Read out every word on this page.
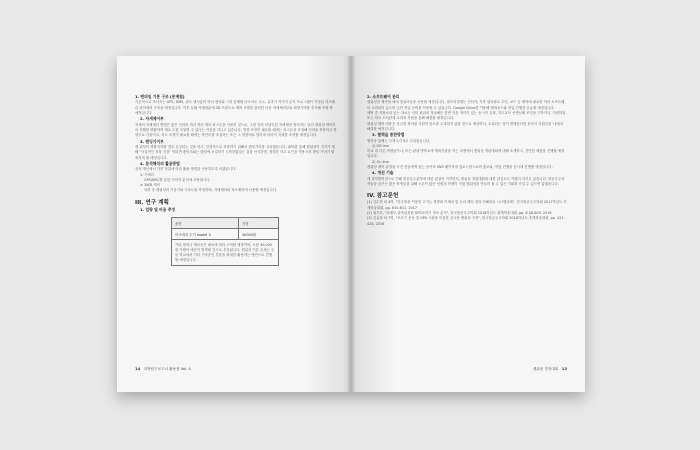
1. 캔의임 기본 구조 [문제점]
기존적으로 조사지는 GPS, DMS, 관도 센서값의 여러 센서와 그를 통제할 마오서도 우노, 유추가 이미지 분석 프로그램이 직정된 라즈베리 파이에서 구성을 예정입니다. 이후 분배 이멤버분에 3D 프린트로 제작 모델을 출력한 다음 자세제어부와 팬장가비를 추가해 조립 할 예정입니다.
2. 자세제어부
자세의 자세제어 방법은 많은 인력의 면과 여러 개의 파스튼을 사용한 것으로, 그런 인력 터널인된 자세제어 방식과는 달리 캔위성 바닥부의 컨테를 변환하여 새로 도한 모듈별 수 있다는 이점을 지니고 있습니다. 방향 조정이 필요할 때에는 파스튼을 조절해 인력을 작용하고 방향으로 기울이고, 육도 조정이 필요할 때에는 하단부를 조절하는 또는 그 방향대로 밀어내 어마이 자세를 조정할 예정입니다.
3. 랜딩기어부
캔 위성이 명확지하할 경우 손상되는 것을 막고, 안정적으로 착륙하기 위해서 랜딩기어를 설치했습니다. GPS를 통해 캔위성이 지지가 행해 "사실적인 착륙 지점" 이되면 랜딩의와는 랜딩에 보일러기 시작하였다는 것을 인식하면, 정착한 사고 요인을 적용시켜 랜딩 기어가 펼쳐지게 될 예정입니다.
4. 분석해석의 활용방법
전처 재난에서 각종 정위에 따라 활용 방법을 사용하도록 마겠습니다.
① 가계의
GPS/IMC/를 통한 이미지 분석에 사용합니다.
② 3WD 캐처
낙하 중 캔위성의 기울기와 기조도를 측정하며, 자세제어와 착도제어에 사용할 예정입니다.
III. 연구 계획
1. 업량 및 비용 추정
품종	가격
아크에서 무이 model 3	30000원
기타 장비나 재료들은 필요에 따라 구비할 예정이며, 오합 30,000원 가량의 예산이 발생될 것으로 추산됩니다. 캔위성 기본 본체는 주문 학교에서 이미 구비중인 부품을 최대한 활용하는 방안으로 진행할 예정입니다.	
14 과학탐구보고서 활용집 Vol. 4
2. 소프트웨어 관리
캔위성을 제작할 때에 컴퓨터들을 사용할 예정입니다. 첨프의설계는 인터가, 각종 편의화로 무엇, 코드 등 제작에 필요한 여러 소프트웨어 고려되어 있으며 일단 작업 준비를 이용할 수 있습니다. Google Drive를 이용해 제작코드와 작업 진행을 공유할 예정입니다.
체팅 중 저장소의 있는 자료는 이미 판위성 정상해둔 한번 지을 정리이 있는 동시이 유형, 지도교사 선생님께 조언을 구하거나, 인원하일 또는 학교 도서관에 교과서 자원을 통해 해결할 예정입니다.
캔위성 제작 비용은 상금한 장처럼 지원이 한도를 초과하지 않을 것으로 예상하나, 초과되는 일이 발생한다면 동아리 지원금을 '내에서 해결할 예정입니다.
3. 협력을 통한방법
협력을 통해는 크게 2가지로 나뉘었습니다.
1) Off-line
학교 내 다른 학생들이나, 또는 관내 명학교에 재외기관을 하는 과정에서 캔위성 경판대회에 대해 소개하고, 간단한 체험을 진행할 예정입니다.
2) On-line
캔위성 제작 과정을 사진 칸들에게 있는 동아리 SNS 페이지에 업로드함으로써 홍보와, 작업 진행을 동시에 진행할 예정입니다.
4. 개선 기술
에 과학발명점으로 인해 항공우주분야에 대한 관심이 커지면서, 캔위성 경판대회에 대한 관심도도 커졌어 지기고 있습니다. 항공우주학자들을 꿈꾸는 많은 학생들을 위해 오픈이 많은 인원의 학생이 직접 캔위성을 만들어 볼 수 있는 기회를 가질 수 있으면 좋겠습니다.
IV. 참고문헌
(1) 김수현 외 4명, "한국형을 이용한 고기능 경향화 기체의 및 우리 제어 결과 이해의의 시시행실제", 한국항공우주학회 2017학년도 추계학술대회, pp. 610-611, 2017
(2) 권기호, "피제모 관측위성용 GPS모리기 정보 분석", 한국항공우주학회 2016학년도 춘계학술대회, pp. 6 08-609, 2016
(3) 김유희 외 7명, "조사기 운동 및 GPS 시판을 이용한 공나용 캔위성 구현", 한국항공우주학회 2016학년도 추계학술대회, pp. 427-428, 2016
캔위성 경진대회 15
